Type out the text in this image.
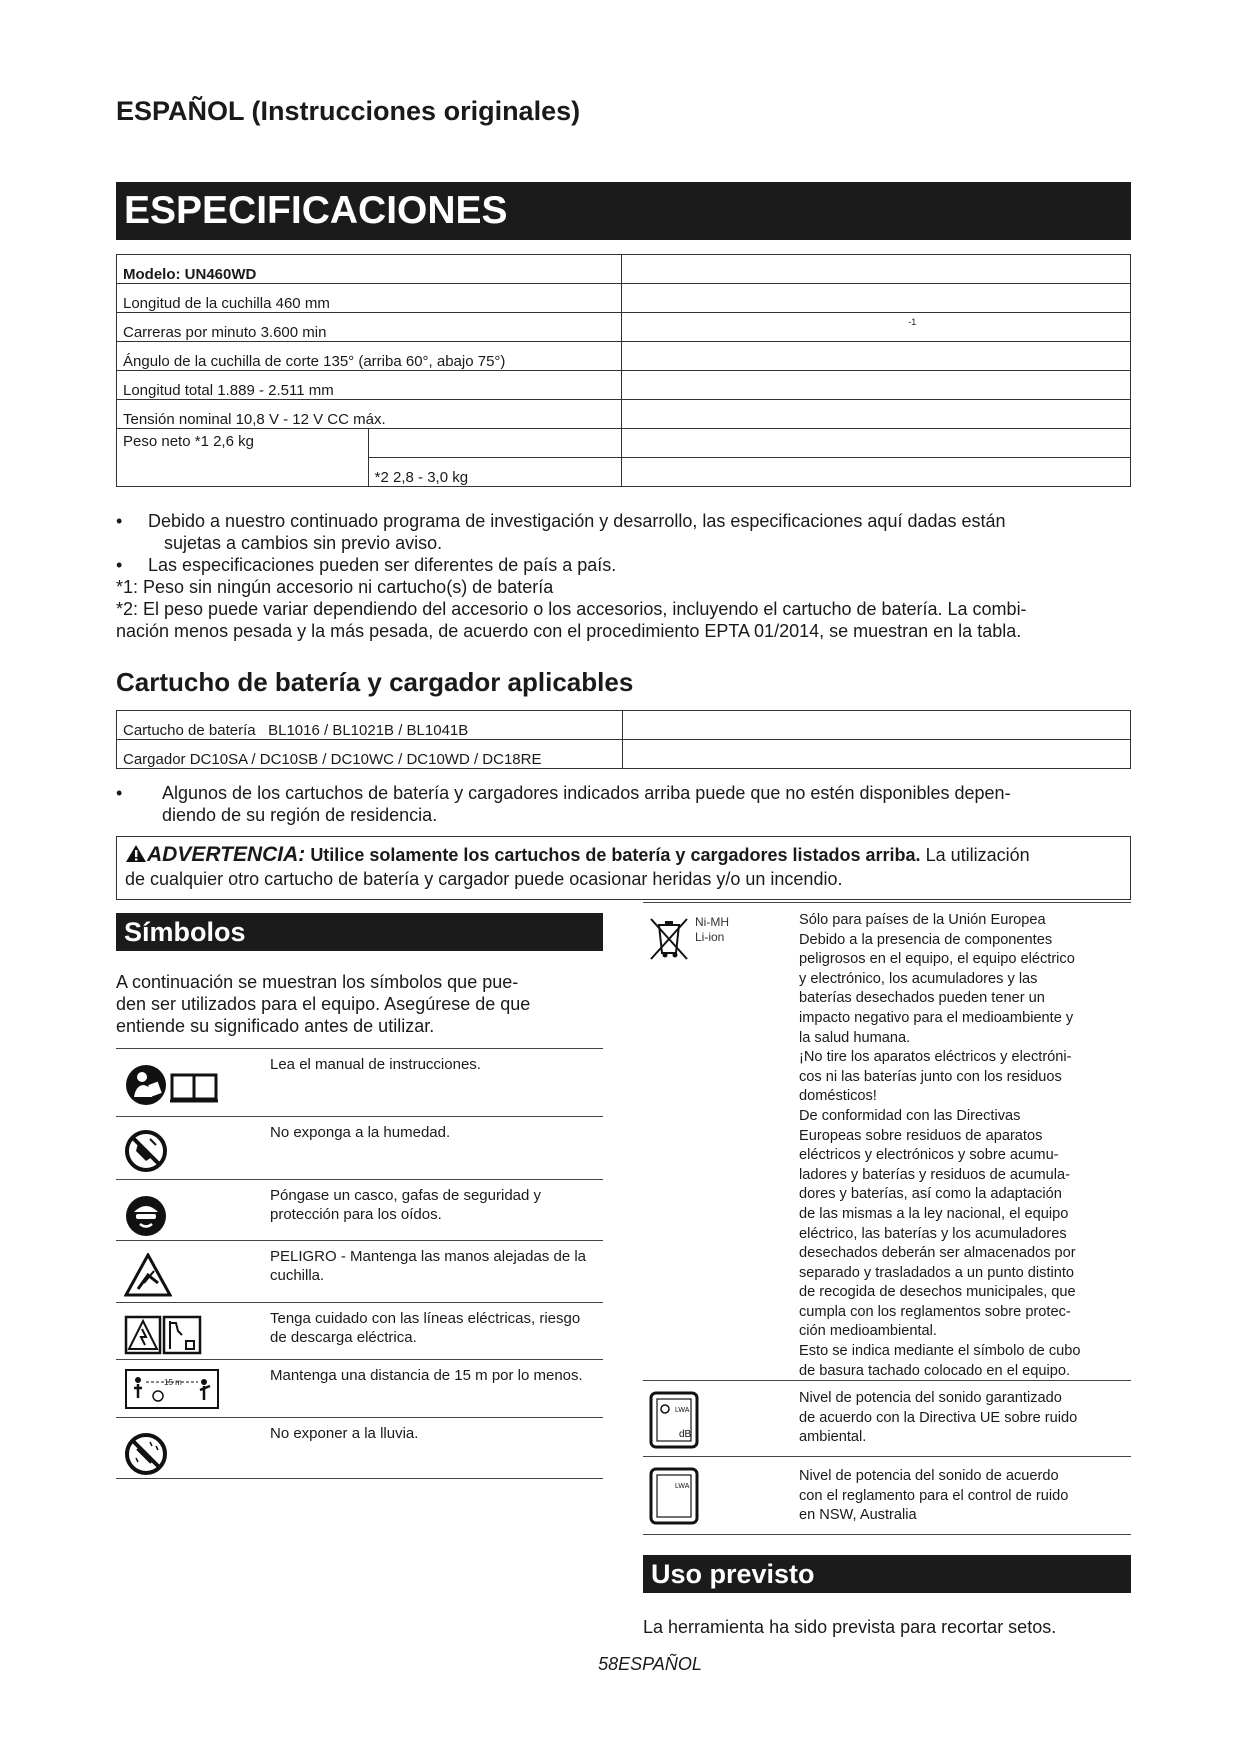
ESPAÑOL (Instrucciones originales)
ESPECIFICACIONES
Modelo: UN460WD		
Longitud de la cuchilla 460 mm		
Carreras por minuto 3.600 min		-1

Ángulo de la cuchilla de corte 135° (arriba 60°, abajo 75°)		
Longitud total 1.889 - 2.511 mm		
Tensión nominal 10,8 V - 12 V CC máx.		
Peso neto *1 2,6 kg		
	*2 2,8 - 3,0 kg	
• Debido a nuestro continuado programa de investigación y desarrollo, las especificaciones aquí dadas están
sujetas a cambios sin previo aviso.
• Las especificaciones pueden ser diferentes de país a país.
*1: Peso sin ningún accesorio ni cartucho(s) de batería
*2: El peso puede variar dependiendo del accesorio o los accesorios, incluyendo el cartucho de batería. La combi-
nación menos pesada y la más pesada, de acuerdo con el procedimiento EPTA 01/2014, se muestran en la tabla.
Cartucho de batería y cargador aplicables
Cartucho de batería BL1016 / BL1021B / BL1041B	
Cargador DC10SA / DC10SB / DC10WC / DC10WD / DC18RE	
• Algunos de los cartuchos de batería y cargadores indicados arriba puede que no estén disponibles depen-
diendo de su región de residencia.
ADVERTENCIA: Utilice solamente los cartuchos de batería y cargadores listados arriba. La utilización
de cualquier otro cartucho de batería y cargador puede ocasionar heridas y/o un incendio.
Símbolos
A continuación se muestran los símbolos que pue-
den ser utilizados para el equipo. Asegúrese de que
entiende su significado antes de utilizar.
Lea el manual de instrucciones.
No exponga a la humedad.
Póngase un casco, gafas de seguridad y protección para los oídos.
PELIGRO - Mantenga las manos alejadas de la cuchilla.
Tenga cuidado con las líneas eléctricas, riesgo de descarga eléctrica.
15 m	Mantenga una distancia de 15 m por lo menos.
No exponer a la lluvia.
Ni-MH
Li-ion
Sólo para países de la Unión Europea
Debido a la presencia de componentes
peligrosos en el equipo, el equipo eléctrico
y electrónico, los acumuladores y las
baterías desechados pueden tener un
impacto negativo para el medioambiente y
la salud humana.
¡No tire los aparatos eléctricos y electróni-
cos ni las baterías junto con los residuos
domésticos!
De conformidad con las Directivas
Europeas sobre residuos de aparatos
eléctricos y electrónicos y sobre acumu-
ladores y baterías y residuos de acumula-
dores y baterías, así como la adaptación
de las mismas a la ley nacional, el equipo
eléctrico, las baterías y los acumuladores
desechados deberán ser almacenados por
separado y trasladados a un punto distinto
de recogida de desechos municipales, que
cumpla con los reglamentos sobre protec-
ción medioambiental.
Esto se indica mediante el símbolo de cubo
de basura tachado colocado en el equipo.
LWA
dB
Nivel de potencia del sonido garantizado
de acuerdo con la Directiva UE sobre ruido
ambiental.
LWA
Nivel de potencia del sonido de acuerdo
con el reglamento para el control de ruido
en NSW, Australia
Uso previsto
La herramienta ha sido prevista para recortar setos.
58ESPAÑOL
